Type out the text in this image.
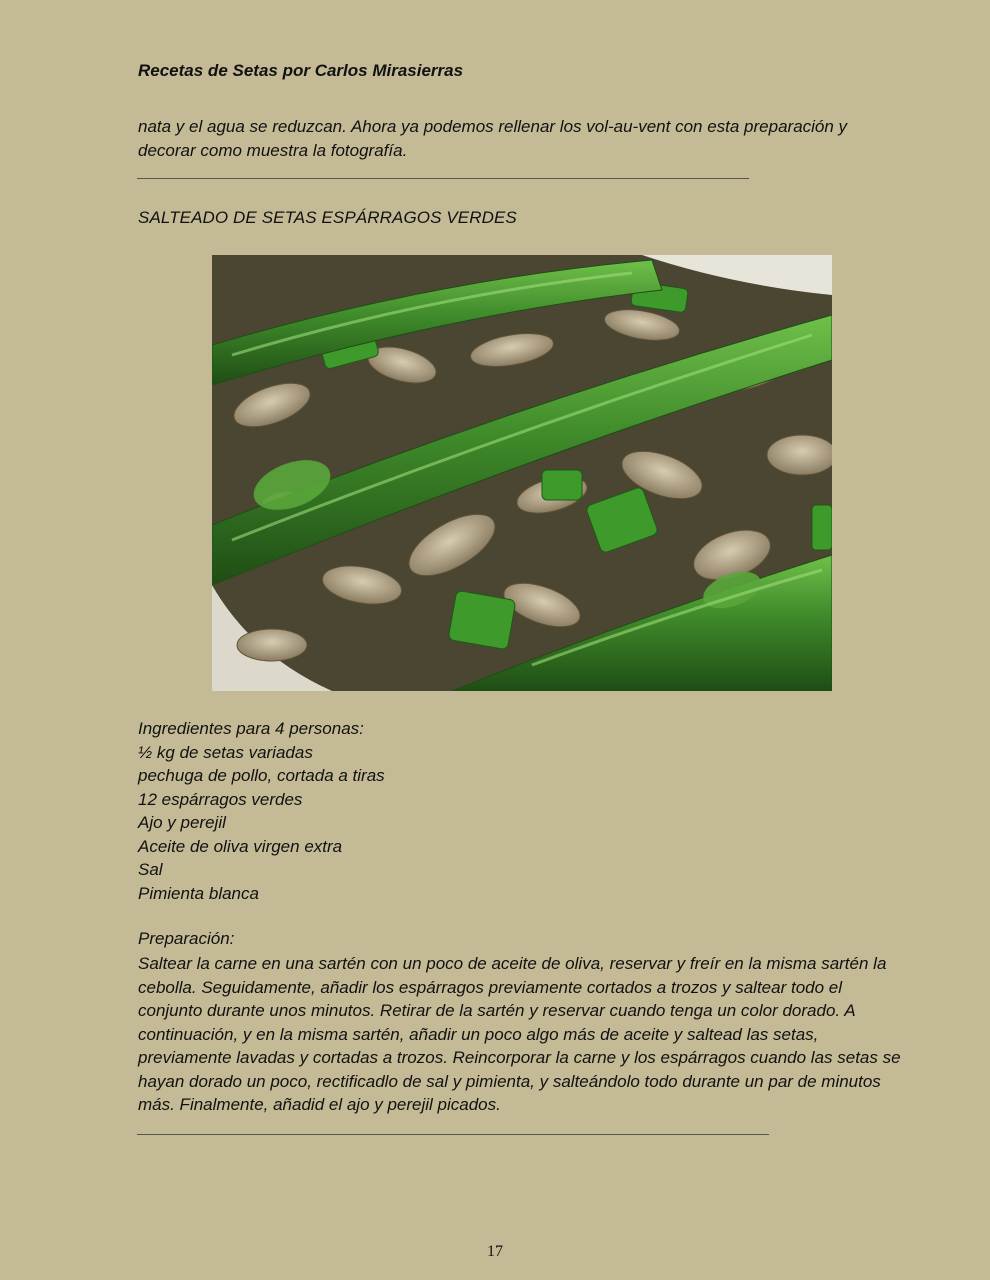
Recetas de Setas por Carlos Mirasierras
nata y el agua se reduzcan. Ahora ya podemos rellenar los vol-au-vent con esta preparación y decorar como muestra la fotografía.
SALTEADO DE SETAS ESPÁRRAGOS VERDES
Ingredientes para 4 personas:
½ kg de setas variadas
pechuga de pollo, cortada a tiras
12 espárragos verdes
Ajo y perejil
Aceite de oliva virgen extra
Sal
Pimienta blanca
Preparación:
Saltear la carne en una sartén con un poco de aceite de oliva, reservar y freír en la misma sartén la cebolla. Seguidamente, añadir los espárragos previamente cortados a trozos y saltear todo el conjunto durante unos minutos. Retirar de la sartén y reservar cuando tenga un color dorado. A continuación, y en la misma sartén, añadir un poco algo más de aceite y saltead las setas, previamente lavadas y cortadas a trozos. Reincorporar la carne y los espárragos cuando las setas se hayan dorado un poco, rectificadlo de sal y pimienta, y salteándolo todo durante un par de minutos más. Finalmente, añadid el ajo y perejil picados.
17
